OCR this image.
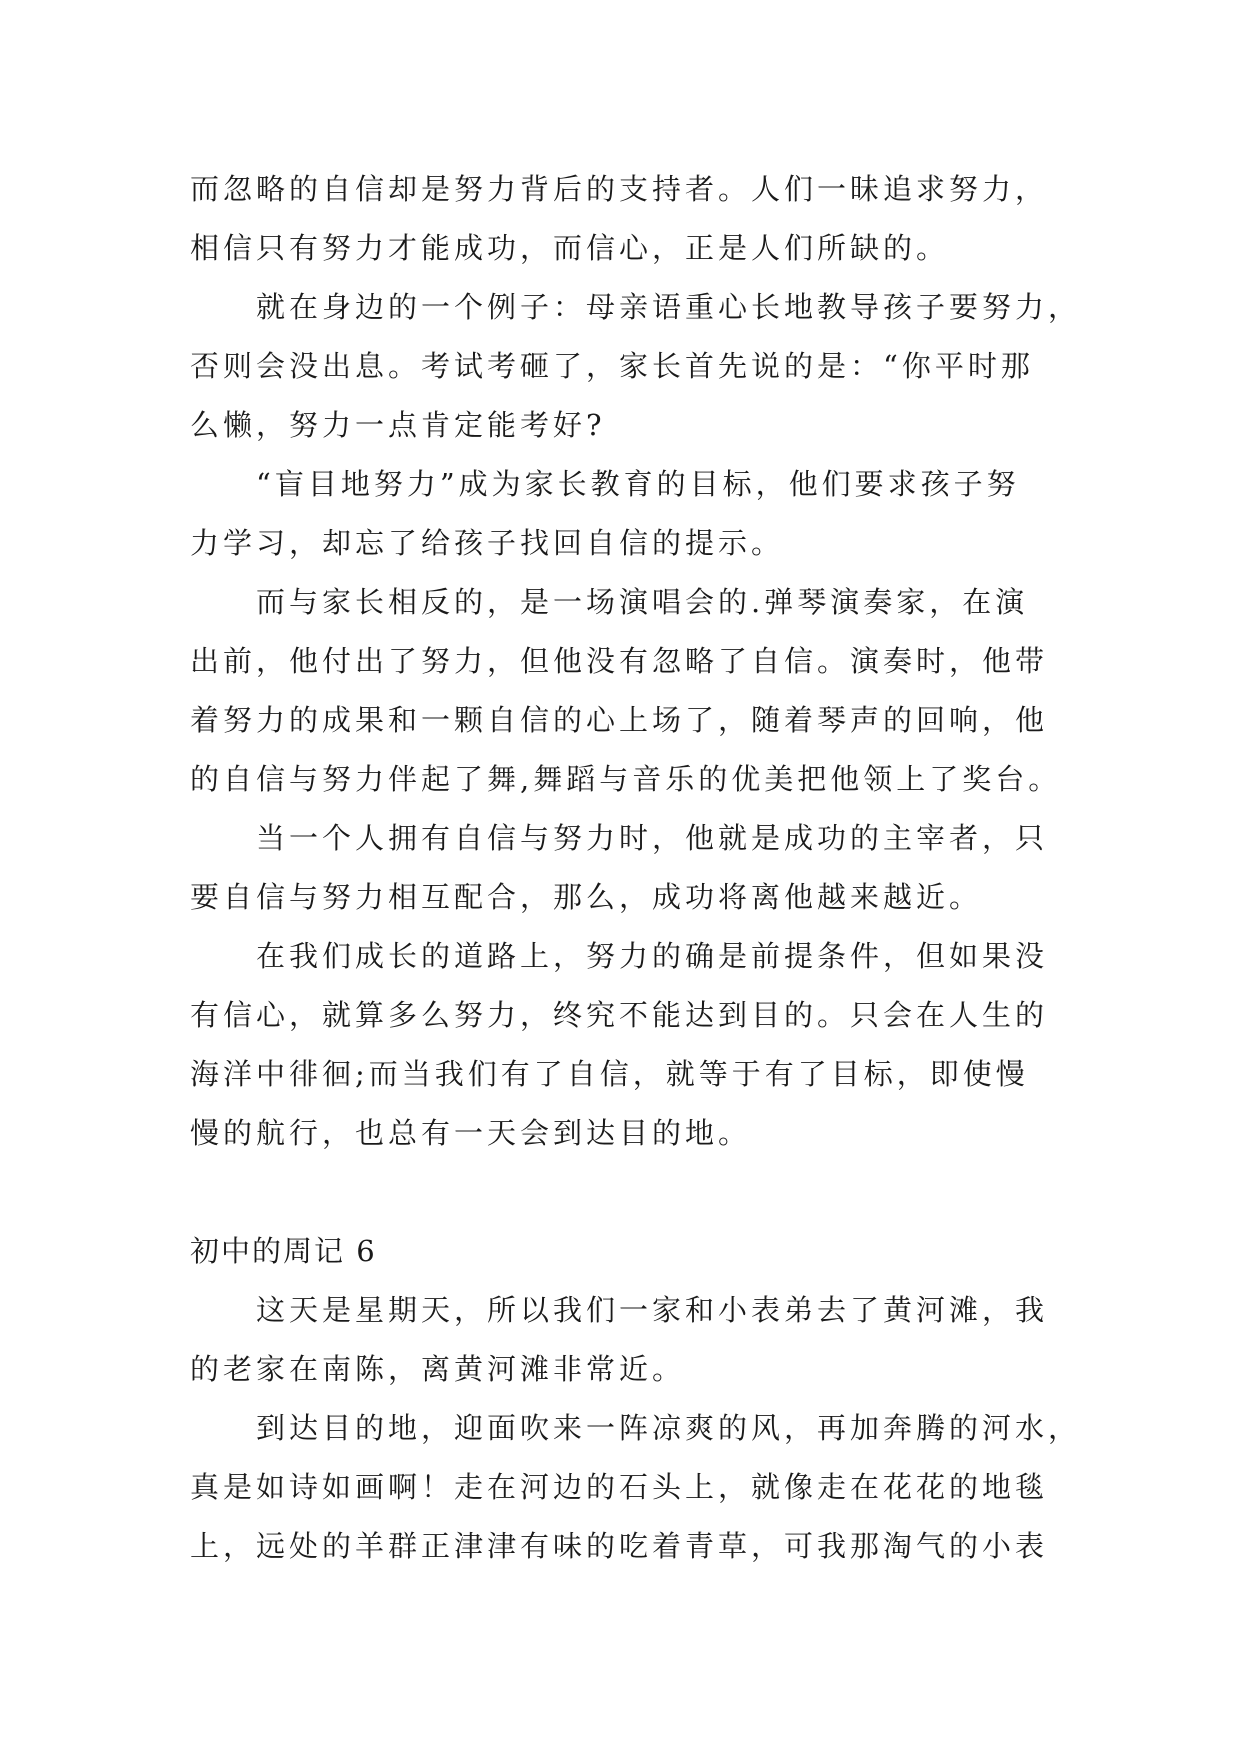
而忽略的自信却是努力背后的支持者。人们一昧追求努力，
相信只有努力才能成功，而信心，正是人们所缺的。
就在身边的一个例子：母亲语重心长地教导孩子要努力，
否则会没出息。考试考砸了，家长首先说的是：“你平时那
么懒，努力一点肯定能考好?
“盲目地努力”成为家长教育的目标，他们要求孩子努
力学习，却忘了给孩子找回自信的提示。
而与家长相反的，是一场演唱会的.弹琴演奏家，在演
出前，他付出了努力，但他没有忽略了自信。演奏时，他带
着努力的成果和一颗自信的心上场了，随着琴声的回响，他
的自信与努力伴起了舞,舞蹈与音乐的优美把他领上了奖台。
当一个人拥有自信与努力时，他就是成功的主宰者，只
要自信与努力相互配合，那么，成功将离他越来越近。
在我们成长的道路上，努力的确是前提条件，但如果没
有信心，就算多么努力，终究不能达到目的。只会在人生的
海洋中徘徊;而当我们有了自信，就等于有了目标，即使慢
慢的航行，也总有一天会到达目的地。
初中的周记 6
这天是星期天，所以我们一家和小表弟去了黄河滩，我
的老家在南陈，离黄河滩非常近。
到达目的地，迎面吹来一阵凉爽的风，再加奔腾的河水，
真是如诗如画啊！走在河边的石头上，就像走在花花的地毯
上，远处的羊群正津津有味的吃着青草，可我那淘气的小表
